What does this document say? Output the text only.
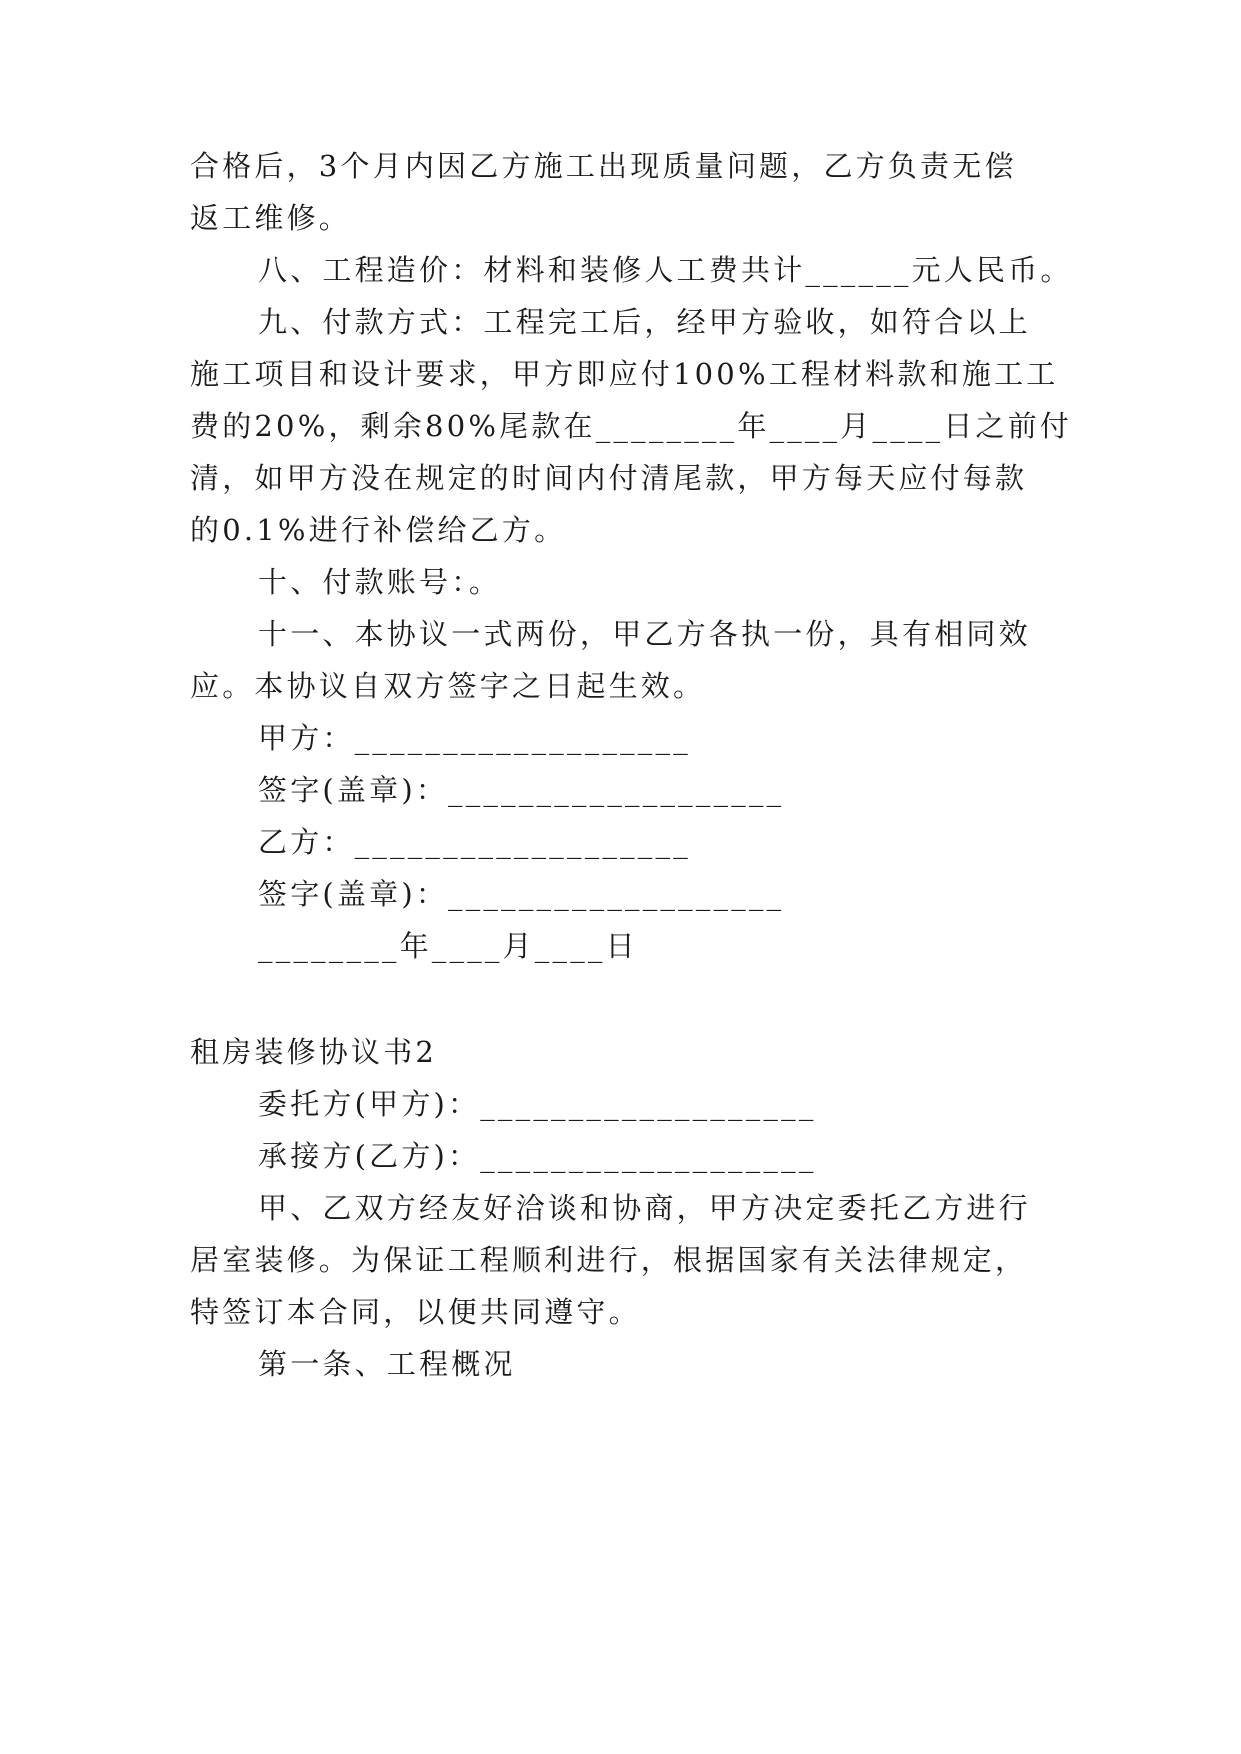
合格后，3个月内因乙方施工出现质量问题，乙方负责无偿
返工维修。
八、工程造价：材料和装修人工费共计______元人民币。
九、付款方式：工程完工后，经甲方验收，如符合以上
施工项目和设计要求，甲方即应付100%工程材料款和施工工
费的20%，剩余80%尾款在________年____月____日之前付
清，如甲方没在规定的时间内付清尾款，甲方每天应付每款
的0.1%进行补偿给乙方。
十、付款账号：。
十一、本协议一式两份，甲乙方各执一份，具有相同效
应。本协议自双方签字之日起生效。
甲方：___________________
签字(盖章)：___________________
乙方：___________________
签字(盖章)：___________________
________年____月____日
租房装修协议书2
委托方(甲方)：___________________
承接方(乙方)：___________________
甲、乙双方经友好洽谈和协商，甲方决定委托乙方进行
居室装修。为保证工程顺利进行，根据国家有关法律规定，
特签订本合同，以便共同遵守。
第一条、工程概况
